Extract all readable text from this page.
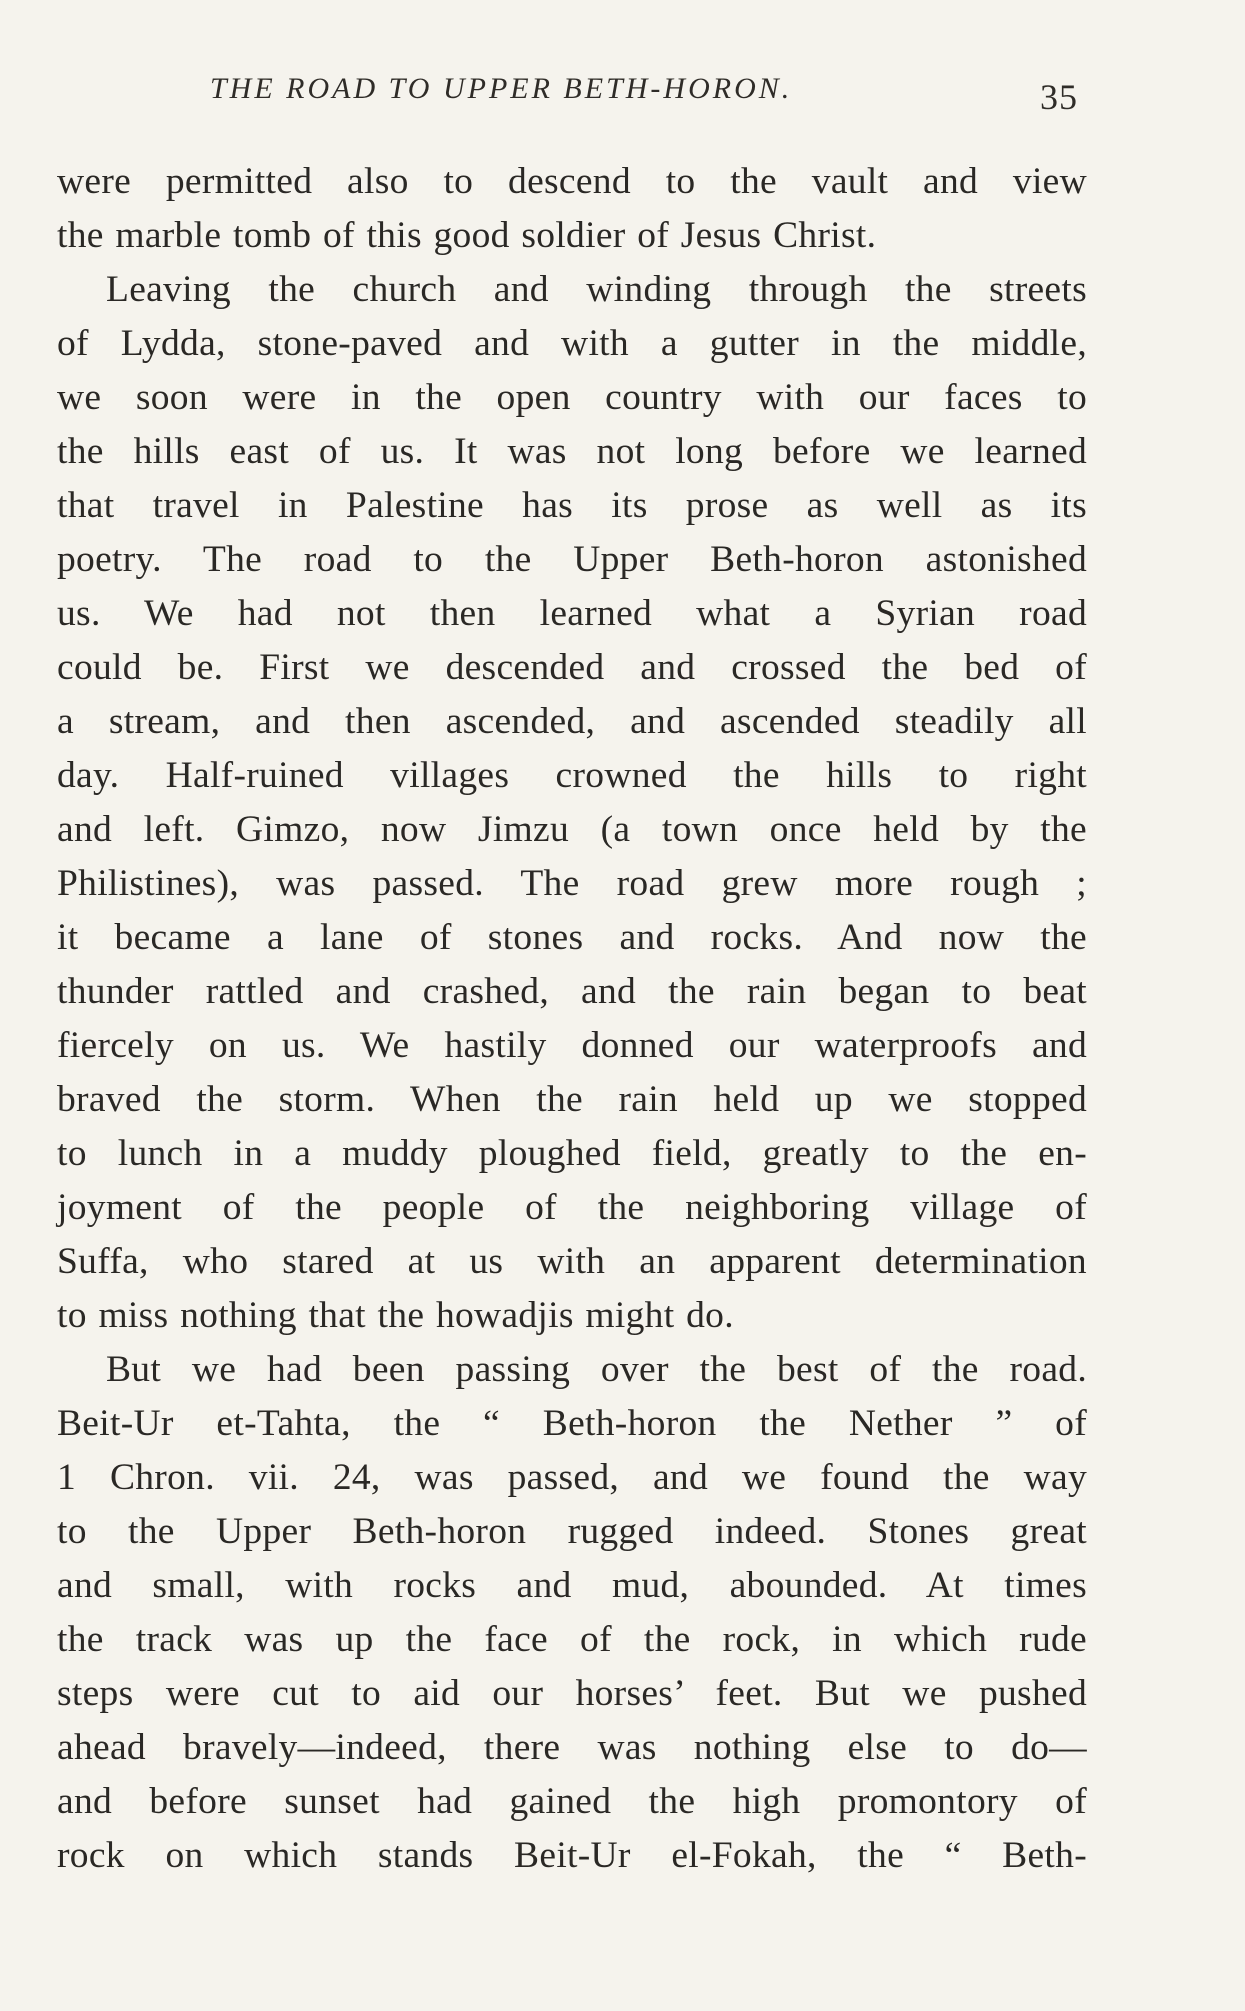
THE ROAD TO UPPER BETH-HORON.	35
were permitted also to descend to the vault and view
the marble tomb of this good soldier of Jesus Christ.
Leaving the church and winding through the streets
of Lydda, stone-paved and with a gutter in the middle,
we soon were in the open country with our faces to
the hills east of us. It was not long before we learned
that travel in Palestine has its prose as well as its
poetry. The road to the Upper Beth-horon astonished
us. We had not then learned what a Syrian road
could be. First we descended and crossed the bed of
a stream, and then ascended, and ascended steadily all
day. Half-ruined villages crowned the hills to right
and left. Gimzo, now Jimzu (a town once held by the
Philistines), was passed. The road grew more rough ;
it became a lane of stones and rocks. And now the
thunder rattled and crashed, and the rain began to beat
fiercely on us. We hastily donned our waterproofs and
braved the storm. When the rain held up we stopped
to lunch in a muddy ploughed field, greatly to the en-
joyment of the people of the neighboring village of
Suffa, who stared at us with an apparent determination
to miss nothing that the howadjis might do.
But we had been passing over the best of the road.
Beit-Ur et-Tahta, the “ Beth-horon the Nether ” of
1 Chron. vii. 24, was passed, and we found the way
to the Upper Beth-horon rugged indeed. Stones great
and small, with rocks and mud, abounded. At times
the track was up the face of the rock, in which rude
steps were cut to aid our horses’ feet. But we pushed
ahead bravely—indeed, there was nothing else to do—
and before sunset had gained the high promontory of
rock on which stands Beit-Ur el-Fokah, the “ Beth-
